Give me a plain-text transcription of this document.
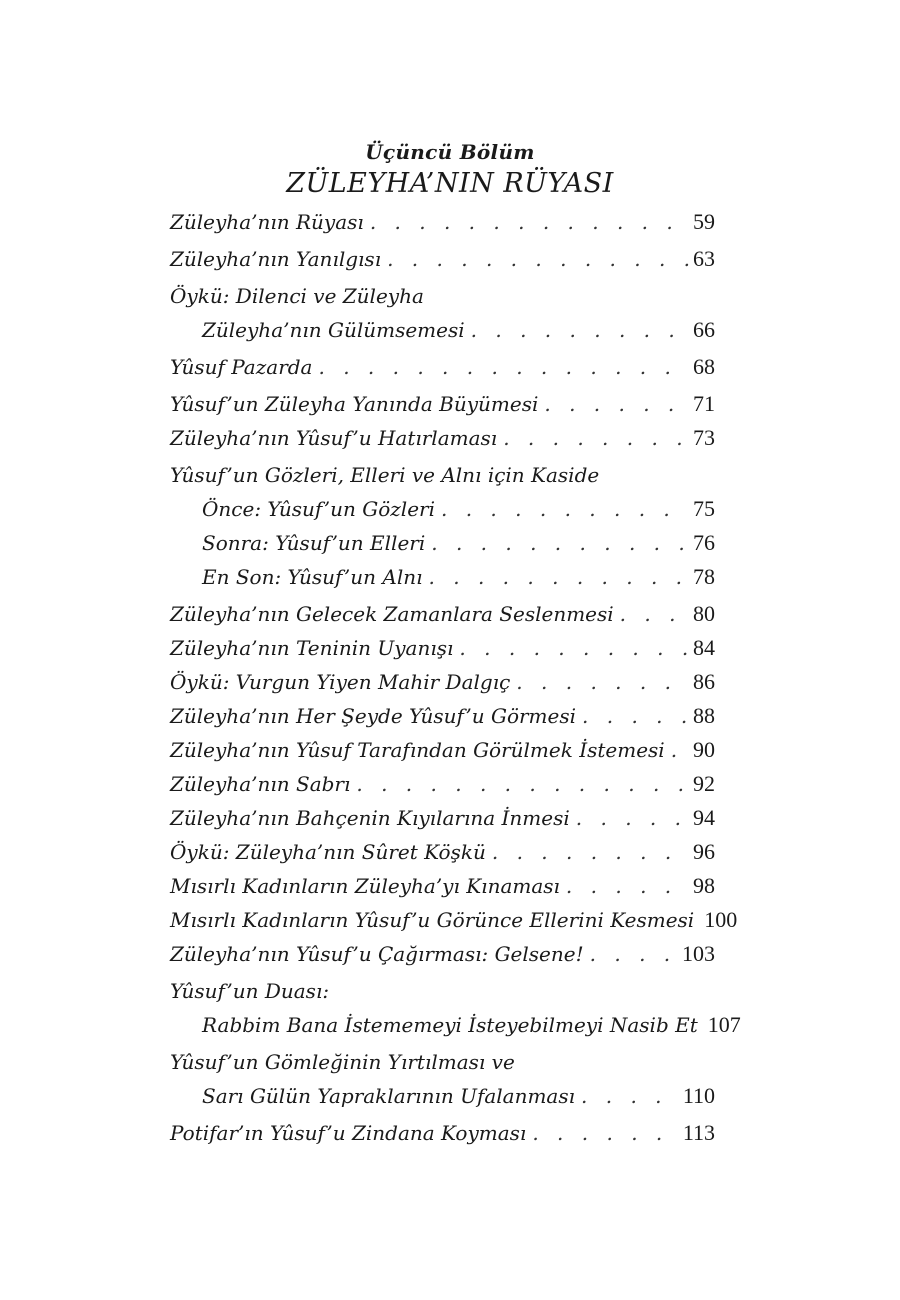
Üçüncü Bölüm
ZÜLEYHA’NIN RÜYASI
Züleyha’nın Rüyası . . .	59
Züleyha’nın Yanılgısı . . .	63
Öykü: Dilenci ve Züleyha
Züleyha’nın Gülümsemesi . . .	66
Yûsuf Pazarda . . .	68
Yûsuf’un Züleyha Yanında Büyümesi . . .	71
Züleyha’nın Yûsuf’u Hatırlaması . . .	73
Yûsuf’un Gözleri, Elleri ve Alnı için Kaside
Önce: Yûsuf’un Gözleri . . .	75
Sonra: Yûsuf’un Elleri . . .	76
En Son: Yûsuf’un Alnı . . .	78
Züleyha’nın Gelecek Zamanlara Seslenmesi . . .	80
Züleyha’nın Teninin Uyanışı . . .	84
Öykü: Vurgun Yiyen Mahir Dalgıç . . .	86
Züleyha’nın Her Şeyde Yûsuf’u Görmesi . . .	88
Züleyha’nın Yûsuf Tarafından Görülmek İstemesi . . . 90
Züleyha’nın Sabrı . . .	92
Züleyha’nın Bahçenin Kıyılarına İnmesi . . .	94
Öykü: Züleyha’nın Sûret Köşkü . . .	96
Mısırlı Kadınların Züleyha’yı Kınaması . . .	98
Mısırlı Kadınların Yûsuf’u Görünce Ellerini Kesmesi 100
Züleyha’nın Yûsuf’u Çağırması: Gelsene! . . .	103
Yûsuf’un Duası:
Rabbim Bana İstememeyi İsteyebilmeyi Nasib Et 107
Yûsuf’un Gömleğinin Yırtılması ve
Sarı Gülün Yapraklarının Ufalanması . . .	110
Potifar’ın Yûsuf’u Zindana Koyması . . .	113
